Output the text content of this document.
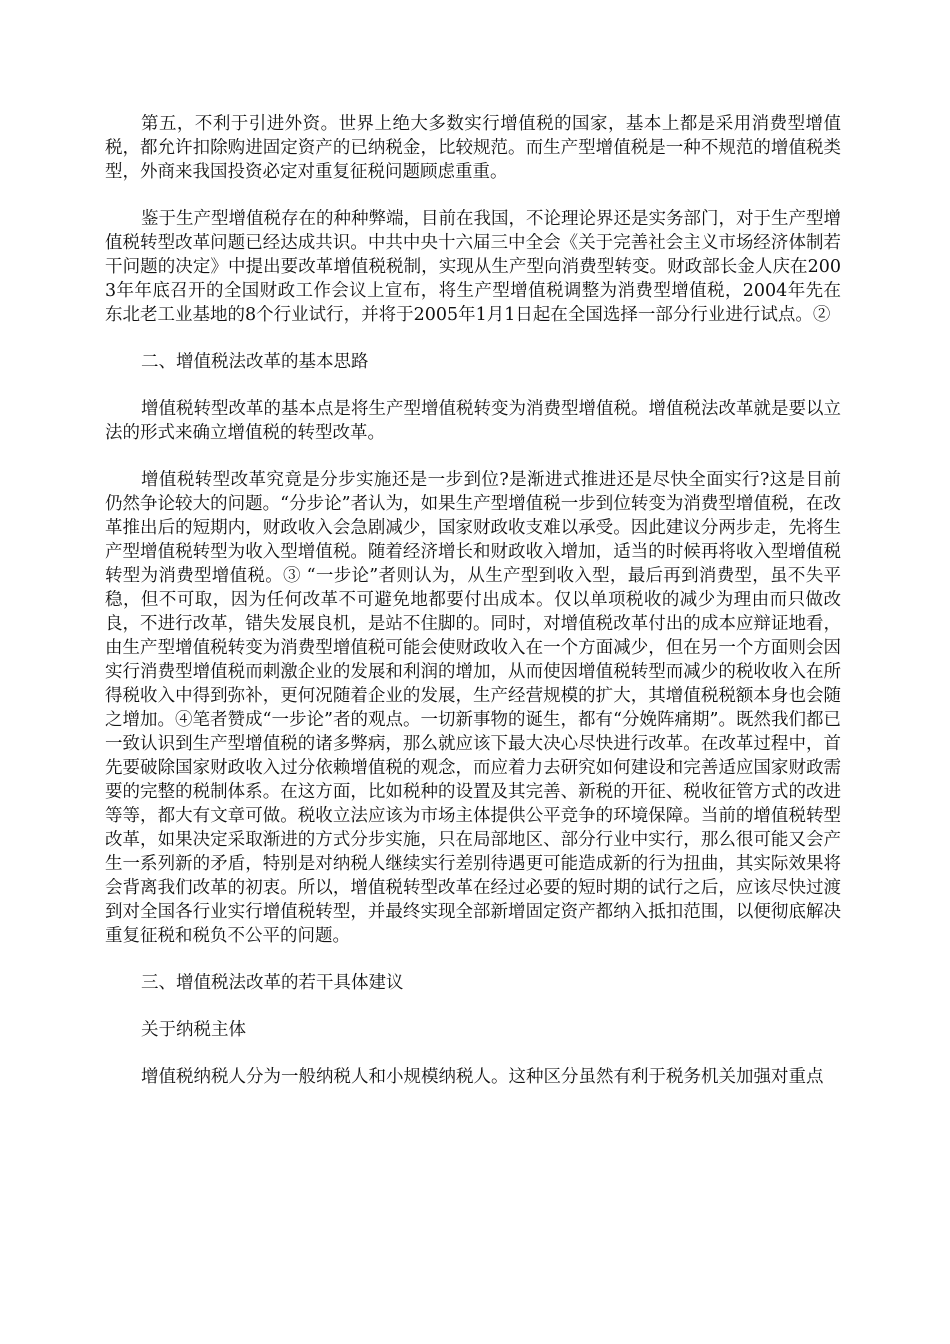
第五，不利于引进外资。世界上绝大多数实行增值税的国家，基本上都是采用消费型增值税，都允许扣除购进固定资产的已纳税金，比较规范。而生产型增值税是一种不规范的增值税类型，外商来我国投资必定对重复征税问题顾虑重重。

鉴于生产型增值税存在的种种弊端，目前在我国，不论理论界还是实务部门，对于生产型增值税转型改革问题已经达成共识。中共中央十六届三中全会《关于完善社会主义市场经济体制若干问题的决定》中提出要改革增值税税制，实现从生产型向消费型转变。财政部长金人庆在2003年年底召开的全国财政工作会议上宣布，将生产型增值税调整为消费型增值税，2004年先在东北老工业基地的8个行业试行，并将于2005年1月1日起在全国选择一部分行业进行试点。②

二、增值税法改革的基本思路

增值税转型改革的基本点是将生产型增值税转变为消费型增值税。增值税法改革就是要以立法的形式来确立增值税的转型改革。

增值税转型改革究竟是分步实施还是一步到位?是渐进式推进还是尽快全面实行?这是目前仍然争论较大的问题。“分步论”者认为，如果生产型增值税一步到位转变为消费型增值税，在改革推出后的短期内，财政收入会急剧减少，国家财政收支难以承受。因此建议分两步走，先将生产型增值税转型为收入型增值税。随着经济增长和财政收入增加，适当的时候再将收入型增值税转型为消费型增值税。③ “一步论”者则认为，从生产型到收入型，最后再到消费型，虽不失平稳，但不可取，因为任何改革不可避免地都要付出成本。仅以单项税收的减少为理由而只做改良，不进行改革，错失发展良机，是站不住脚的。同时，对增值税改革付出的成本应辩证地看，由生产型增值税转变为消费型增值税可能会使财政收入在一个方面减少，但在另一个方面则会因实行消费型增值税而刺激企业的发展和利润的增加，从而使因增值税转型而减少的税收收入在所得税收入中得到弥补，更何况随着企业的发展，生产经营规模的扩大，其增值税税额本身也会随之增加。④笔者赞成“一步论”者的观点。一切新事物的诞生，都有“分娩阵痛期”。既然我们都已一致认识到生产型增值税的诸多弊病，那么就应该下最大决心尽快进行改革。在改革过程中，首先要破除国家财政收入过分依赖增值税的观念，而应着力去研究如何建设和完善适应国家财政需要的完整的税制体系。在这方面，比如税种的设置及其完善、新税的开征、税收征管方式的改进等等，都大有文章可做。税收立法应该为市场主体提供公平竞争的环境保障。当前的增值税转型改革，如果决定采取渐进的方式分步实施，只在局部地区、部分行业中实行，那么很可能又会产生一系列新的矛盾，特别是对纳税人继续实行差别待遇更可能造成新的行为扭曲，其实际效果将会背离我们改革的初衷。所以，增值税转型改革在经过必要的短时期的试行之后，应该尽快过渡到对全国各行业实行增值税转型，并最终实现全部新增固定资产都纳入抵扣范围，以便彻底解决重复征税和税负不公平的问题。

三、增值税法改革的若干具体建议

关于纳税主体

增值税纳税人分为一般纳税人和小规模纳税人。这种区分虽然有利于税务机关加强对重点
